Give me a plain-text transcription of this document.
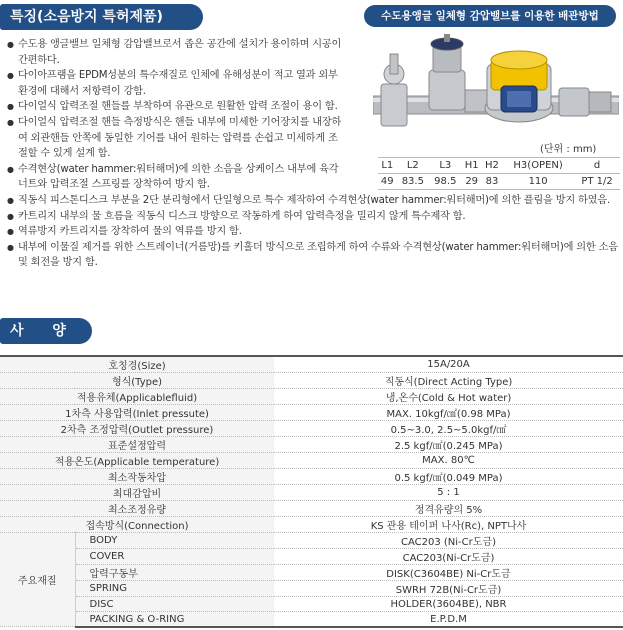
특징(소음방지 특허제품)	수도용앵글 일체형 감압밸브를 이용한 배관방법
● 수도용 앵글밸브 일체형 감압밸브로서 좁은 공간에 설치가 용이하며 시공이 간편하다.
● 다이아프램을 EPDM성분의 특수재질로 인체에 유해성분이 적고 열과 외부 환경에 대해서 저항력이 강함.
● 다이얼식 압력조절 핸들를 부착하여 유관으로 원활한 압력 조절이 용이 함.
● 다이얼식 압력조절 핸들 측정방식은 핸들 내부에 미세한 기어장치를 내장하여 외관핸들 안쪽에 동일한 기어를 내어 원하는 압력를 손쉽고 미세하게 조절할 수 있게 설계 함.
● 수격현상(water hammer:워터해머)에 의한 소음을 상케이스 내부에 육각너트와 압력조절 스프링를 장착하여 방지 함.
● 직동식 피스톤디스크 부분을 2단 분리형에서 단일형으로 특수 제작하여 수격현상(water hammer:워터해머)에 의한 플림을 방지 하였음.
● 카트리지 내부의 물 흐름을 직동식 디스크 방향으로 작동하게 하여 압력측정을 밀리지 않게 특수제작 함.
● 역류방지 카트리지를 장착하여 물의 역류를 방지 함.
● 내부에 이물질 제거를 위한 스트레이너(거름망)를 키홀더 방식으로 조립하게 하여 수류와 수격현상(water hammer:워터해머)에 의한 소음 및 회전을 방지 함.
(단위 : mm)
L1	L2	L3	H1	H2	H3(OPEN)	d
49	83.5	98.5	29	83	110	PT 1/2
사 양
호칭경(Size)		15A/20A
형식(Type)		직동식(Direct Acting Type)
적용유체(Applicablefluid)		냉,온수(Cold & Hot water)
1차측 사용압력(Inlet pressute)		MAX. 10kgf/㎠(0.98 MPa)
2차측 조정압력(Outlet pressure)		0.5~3.0, 2.5~5.0kgf/㎠
표준설정압력		2.5 kgf/㎠(0.245 MPa)
적용온도(Applicable temperature)		MAX. 80℃
최소작동차압		0.5 kgf/㎠(0.049 MPa)
최대감압비		5 : 1
최소조정유량		정격유량의 5%
접속방식(Connection)		KS 관용 테이퍼 나사(Rc), NPT나사
주요재질	BODY	CAC203 (Ni-Cr도금)
	COVER	CAC203(Ni-Cr도금)
	압력구동부	DISK(C3604BE) Ni-Cr도금
	SPRING	SWRH 72B(Ni-Cr도금)
	DISC	HOLDER(3604BE), NBR
	PACKING & O-RING	E.P.D.M
